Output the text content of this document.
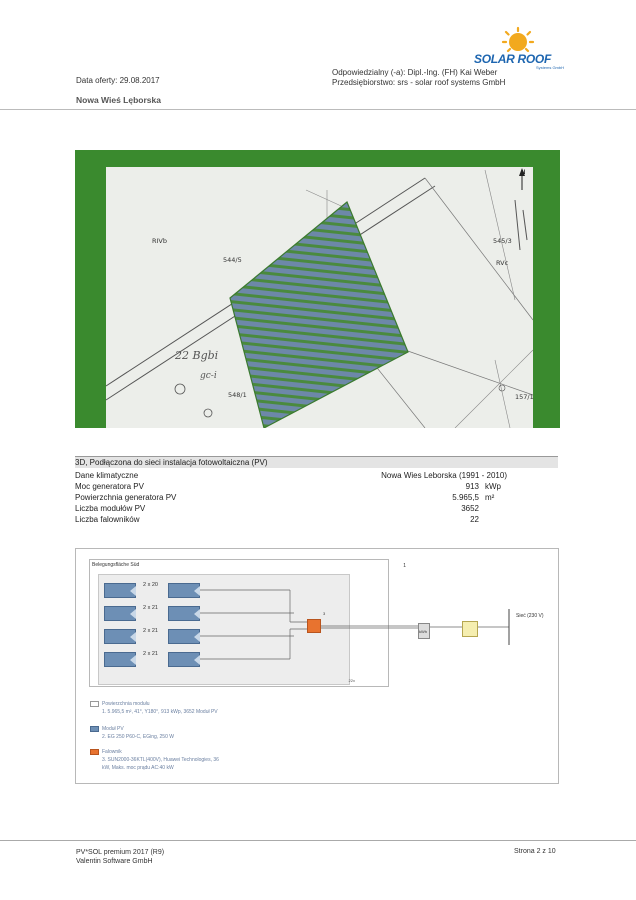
SOLAR ROOF
Systems GmbH
Data oferty: 29.08.2017
Odpowiedzialny (-a): Dipl.-Ing. (FH) Kai Weber
Przedsiębiorstwo: srs - solar roof systems GmbH
Nowa Wieś Lęborska
RIVb
544/5
545/3
RVc
548/1	157/1
22 Bgbi
gc-i
N
3D, Podłączona do sieci instalacja fotowoltaiczna (PV)
Dane klimatyczne	Nowa Wies Leborska (1991 - 2010)
Moc generatora PV	913 kWp
Powierzchnia generatora PV	5.965,5 m²
Liczba modułów PV	3652
Liczba falowników	22
Belegungsfläche Süd	1
22x
2 x 20
2 x 21
2 x 21
2 x 21
3
kWh
Sieć (230 V)
Powierzchnia modułu
1. 5.965,5 m², 41°, Y180°, 913 kWp, 3652 Moduł PV
Moduł PV
2. EG 250 P60-C, EGing, 250 W
Falownik
3. SUN2000-36KTL(400V), Huawei Technologies, 36
kW, Maks. moc prądu AC:40 kW
PV*SOL premium 2017 (R9)
Valentin Software GmbH
Strona 2 z 10
